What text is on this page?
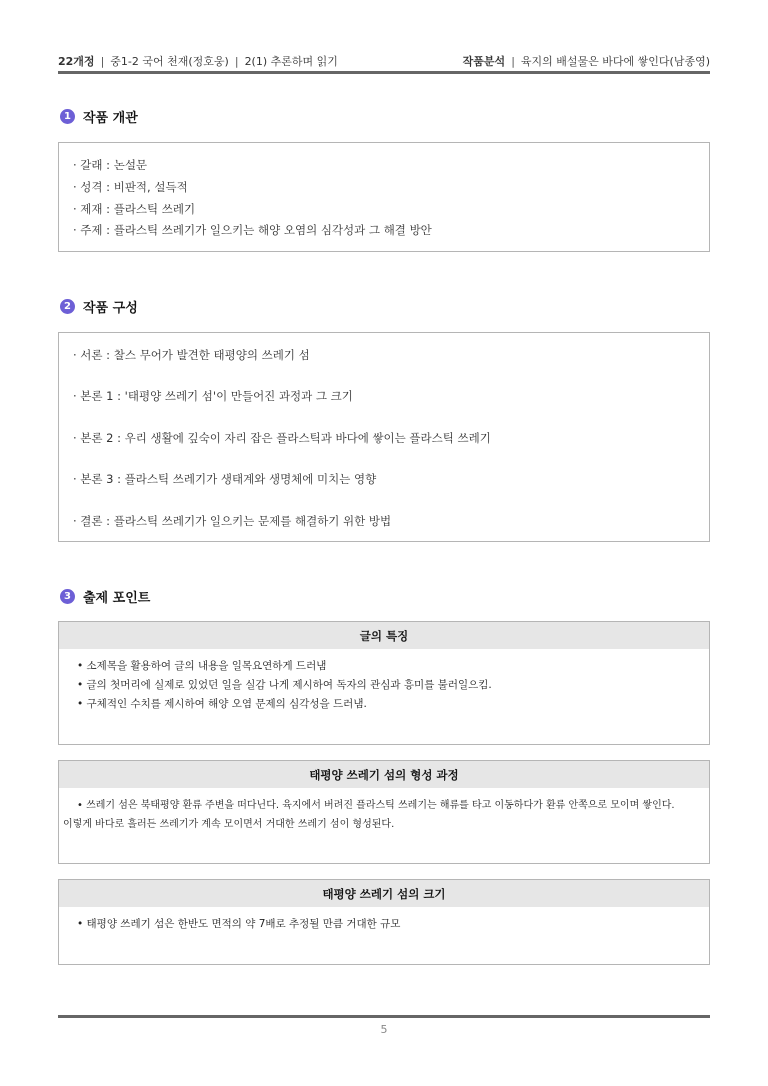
22개정 | 중1-2 국어 천재(정호웅) | 2(1) 추론하며 읽기	작품분석 | 육지의 배설물은 바다에 쌓인다(남종영)
1 작품 개관
· 갈래 : 논설문
· 성격 : 비판적, 설득적
· 제재 : 플라스틱 쓰레기
· 주제 : 플라스틱 쓰레기가 일으키는 해양 오염의 심각성과 그 해결 방안
2 작품 구성
· 서론 : 찰스 무어가 발견한 태평양의 쓰레기 섬
· 본론 1 : '태평양 쓰레기 섬'이 만들어진 과정과 그 크기
· 본론 2 : 우리 생활에 깊숙이 자리 잡은 플라스틱과 바다에 쌓이는 플라스틱 쓰레기
· 본론 3 : 플라스틱 쓰레기가 생태계와 생명체에 미치는 영향
· 결론 : 플라스틱 쓰레기가 일으키는 문제를 해결하기 위한 방법
3 출제 포인트
글의 특징
• 소제목을 활용하여 글의 내용을 일목요연하게 드러냄
• 글의 첫머리에 실제로 있었던 일을 실감 나게 제시하여 독자의 관심과 흥미를 불러일으킴.
• 구체적인 수치를 제시하여 해양 오염 문제의 심각성을 드러냄.
태평양 쓰레기 섬의 형성 과정
• 쓰레기 섬은 북태평양 환류 주변을 떠다닌다. 육지에서 버려진 플라스틱 쓰레기는 해류를 타고 이동하다가 환류 안쪽으로 모이며 쌓인다.
이렇게 바다로 흘러든 쓰레기가 계속 모이면서 거대한 쓰레기 섬이 형성된다.
태평양 쓰레기 섬의 크기
• 태평양 쓰레기 섬은 한반도 면적의 약 7배로 추정될 만큼 거대한 규모
5
